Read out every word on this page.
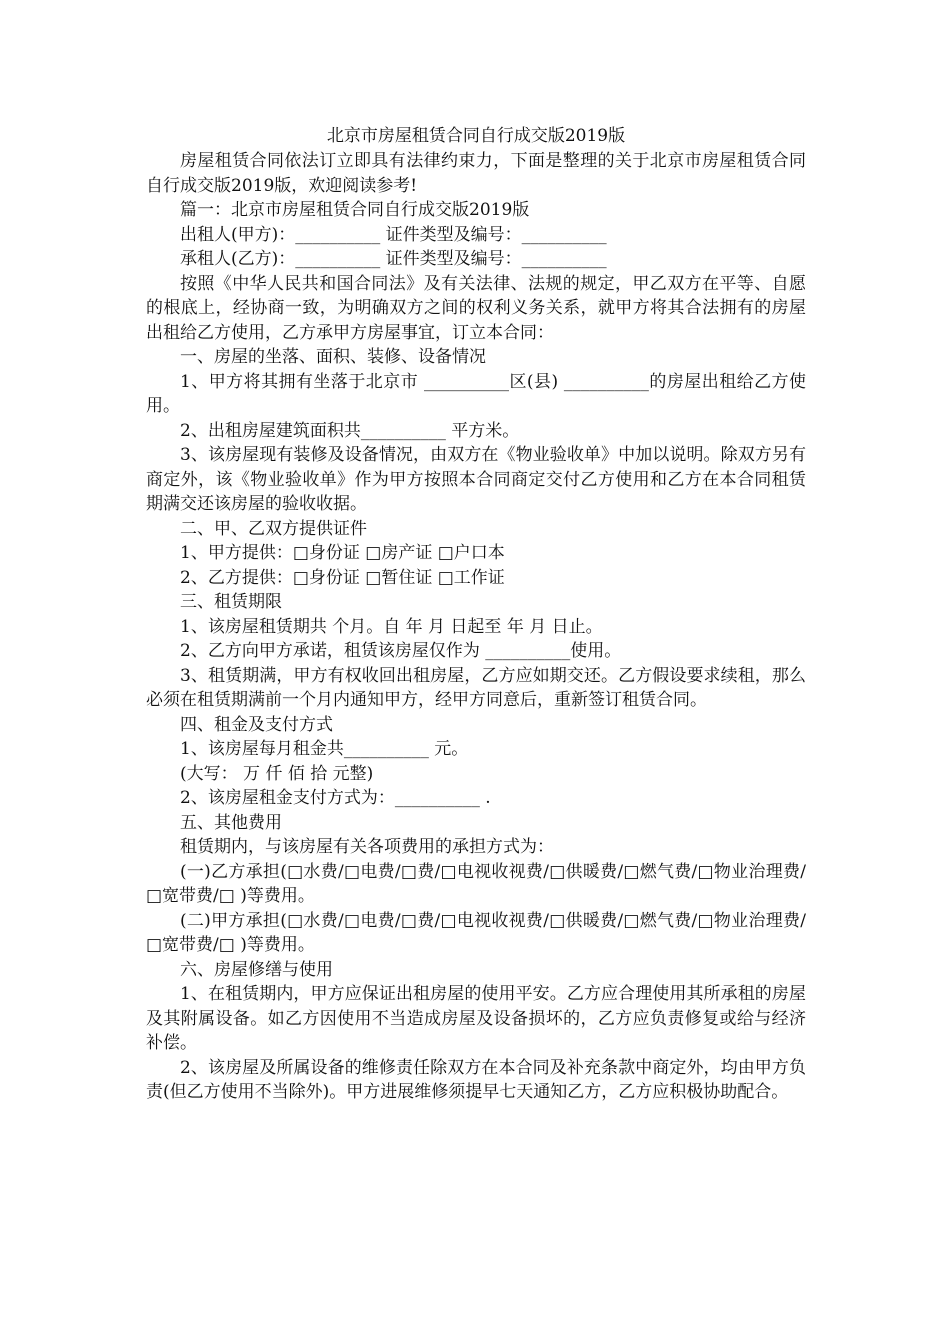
北京市房屋租赁合同自行成交版2019版

房屋租赁合同依法订立即具有法律约束力，下面是整理的关于北京市房屋租赁合同自行成交版2019版，欢迎阅读参考!

篇一：北京市房屋租赁合同自行成交版2019版

出租人(甲方)：__________ 证件类型及编号：__________

承租人(乙方)：__________ 证件类型及编号：__________

按照《中华人民共和国合同法》及有关法律、法规的规定，甲乙双方在平等、自愿的根底上，经协商一致，为明确双方之间的权利义务关系，就甲方将其合法拥有的房屋出租给乙方使用，乙方承甲方房屋事宜，订立本合同：

一、房屋的坐落、面积、装修、设备情况

1、甲方将其拥有坐落于北京市 __________区(县) __________的房屋出租给乙方使用。

2、出租房屋建筑面积共__________ 平方米。

3、该房屋现有装修及设备情况，由双方在《物业验收单》中加以说明。除双方另有商定外，该《物业验收单》作为甲方按照本合同商定交付乙方使用和乙方在本合同租赁期满交还该房屋的验收收据。

二、甲、乙双方提供证件

1、甲方提供：□身份证 □房产证 □户口本

2、乙方提供：□身份证 □暂住证 □工作证

三、租赁期限

1、该房屋租赁期共 个月。自 年 月 日起至 年 月 日止。

2、乙方向甲方承诺，租赁该房屋仅作为 __________使用。

3、租赁期满，甲方有权收回出租房屋，乙方应如期交还。乙方假设要求续租，那么必须在租赁期满前一个月内通知甲方，经甲方同意后，重新签订租赁合同。

四、租金及支付方式

1、该房屋每月租金共__________ 元。

(大写： 万 仟 佰 拾 元整)

2、该房屋租金支付方式为：__________ .

五、其他费用

租赁期内，与该房屋有关各项费用的承担方式为：

(一)乙方承担(□水费/□电费/□费/□电视收视费/□供暖费/□燃气费/□物业治理费/□宽带费/□ )等费用。

(二)甲方承担(□水费/□电费/□费/□电视收视费/□供暖费/□燃气费/□物业治理费/□宽带费/□ )等费用。

六、房屋修缮与使用

1、在租赁期内，甲方应保证出租房屋的使用平安。乙方应合理使用其所承租的房屋及其附属设备。如乙方因使用不当造成房屋及设备损坏的，乙方应负责修复或给与经济补偿。

2、该房屋及所属设备的维修责任除双方在本合同及补充条款中商定外，均由甲方负责(但乙方使用不当除外)。甲方进展维修须提早七天通知乙方，乙方应积极协助配合。
